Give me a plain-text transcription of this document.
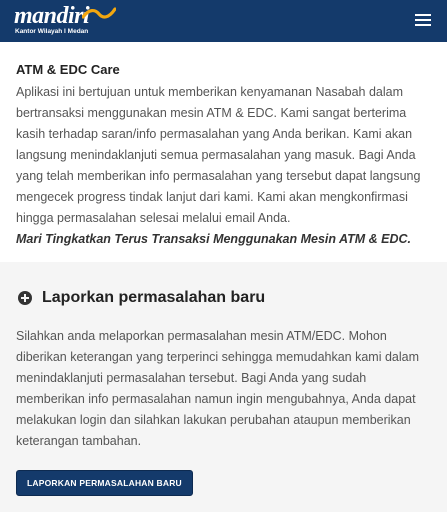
mandiri
Kantor Wilayah I Medan

ATM & EDC Care

Aplikasi ini bertujuan untuk memberikan kenyamanan Nasabah dalam bertransaksi menggunakan mesin ATM & EDC. Kami sangat berterima kasih terhadap saran/info permasalahan yang Anda berikan. Kami akan langsung menindaklanjuti semua permasalahan yang masuk. Bagi Anda yang telah memberikan info permasalahan yang tersebut dapat langsung mengecek progress tindak lanjut dari kami. Kami akan mengkonfirmasi hingga permasalahan selesai melalui email Anda.

Mari Tingkatkan Terus Transaksi Menggunakan Mesin ATM & EDC.

Laporkan permasalahan baru

Silahkan anda melaporkan permasalahan mesin ATM/EDC. Mohon diberikan keterangan yang terperinci sehingga memudahkan kami dalam menindaklanjuti permasalahan tersebut. Bagi Anda yang sudah memberikan info permasalahan namun ingin mengubahnya, Anda dapat melakukan login dan silahkan lakukan perubahan ataupun memberikan keterangan tambahan.

LAPORKAN PERMASALAHAN BARU
